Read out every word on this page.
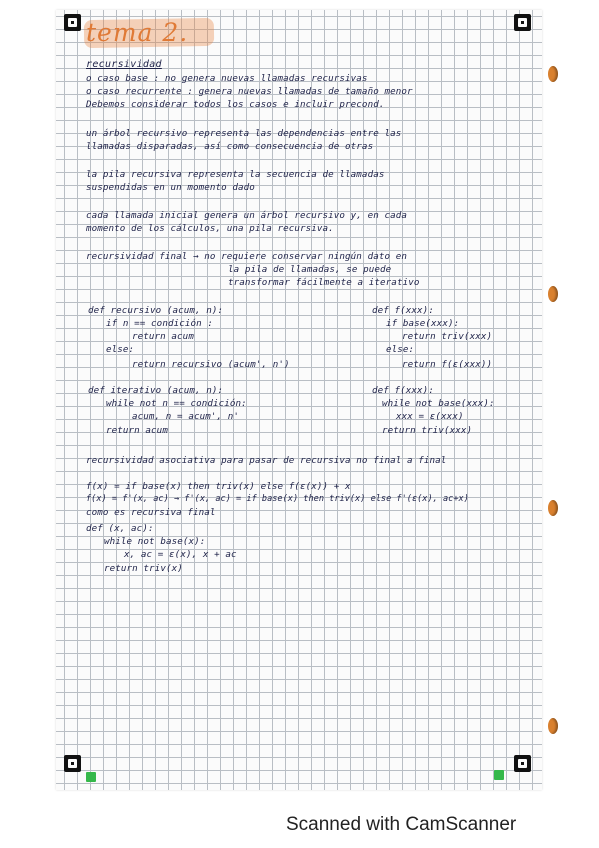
tema 2.
recursividad
o caso base : no genera nuevas llamadas recursivas
o caso recurrente : genera nuevas llamadas de tamaño menor
Debemos considerar todos los casos e incluir precond.
un árbol recursivo representa las dependencias entre las
llamadas disparadas, así como consecuencia de otras
la pila recursiva representa la secuencia de llamadas
suspendidas en un momento dado
cada llamada inicial genera un árbol recursivo y, en cada
momento de los cálculos, una pila recursiva.
recursividad final → no requiere conservar ningún dato en
la pila de llamadas, se puede
transformar fácilmente a iterativo
def recursivo (acum, n):
if n == condición :
return acum
else:
return recursivo (acum', n')
def iterativo (acum, n):
while not n == condición:
acum, n = acum', n'
return acum
def f(xxx):
if base(xxx):
return triv(xxx)
else:
return f(ε(xxx))
def f(xxx):
while not base(xxx):
xxx = ε(xxx)
return triv(xxx)
recursividad asociativa para pasar de recursiva no final a final
f(x) = if base(x) then triv(x) else f(ε(x)) + x
f(x) = f'(x, ac) → f'(x, ac) = if base(x) then triv(x) else f'(ε(x), ac+x)
como es recursiva final
def (x, ac):
while not base(x):
x, ac = ε(x), x + ac
return triv(x)
Scanned with CamScanner
